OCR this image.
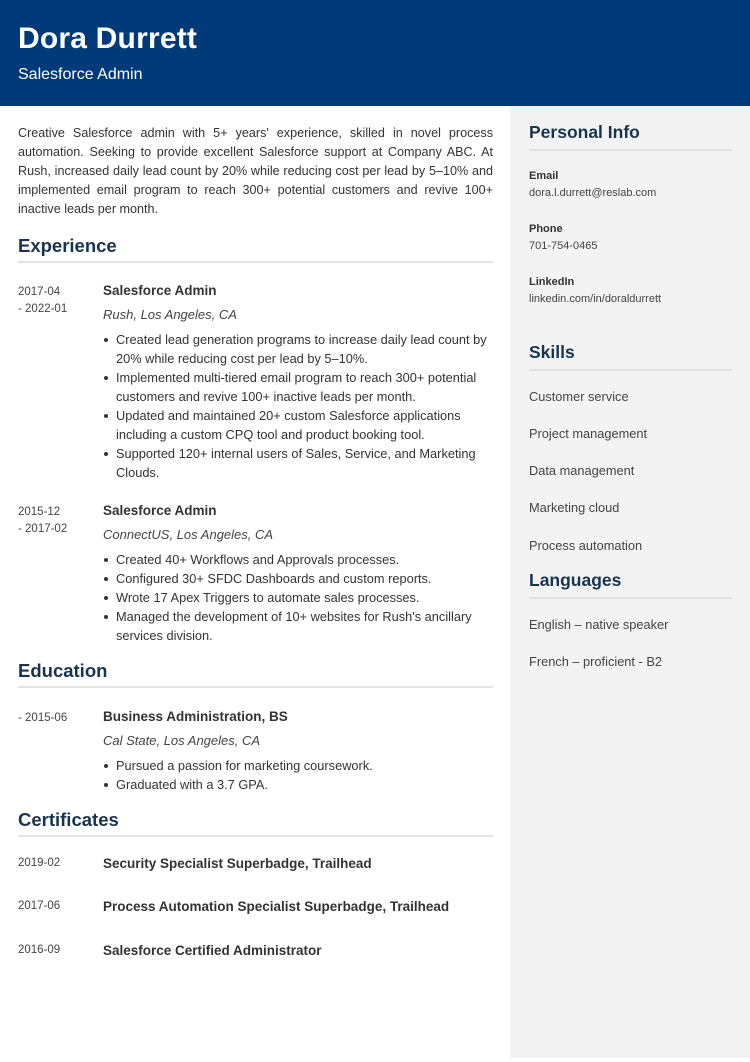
Dora Durrett
Salesforce Admin
Personal Info
Email
dora.l.durrett@reslab.com
Phone
701-754-0465
LinkedIn
linkedin.com/in/doraldurrett
Skills
Customer service
Project management
Data management
Marketing cloud
Process automation
Languages
English – native speaker
French – proficient - B2

Creative Salesforce admin with 5+ years' experience, skilled in novel process automation. Seeking to provide excellent Salesforce support at Company ABC. At Rush, increased daily lead count by 20% while reducing cost per lead by 5–10% and implemented email program to reach 300+ potential customers and revive 100+ inactive leads per month.

Experience
2017-04
- 2022-01
Salesforce Admin
Rush, Los Angeles, CA
Created lead generation programs to increase daily lead count by 20% while reducing cost per lead by 5–10%.
Implemented multi-tiered email program to reach 300+ potential customers and revive 100+ inactive leads per month.
Updated and maintained 20+ custom Salesforce applications including a custom CPQ tool and product booking tool.
Supported 120+ internal users of Sales, Service, and Marketing Clouds.
2015-12
- 2017-02
Salesforce Admin
ConnectUS, Los Angeles, CA
Created 40+ Workflows and Approvals processes.
Configured 30+ SFDC Dashboards and custom reports.
Wrote 17 Apex Triggers to automate sales processes.
Managed the development of 10+ websites for Rush's ancillary services division.
Education
- 2015-06	Business Administration, BS
Cal State, Los Angeles, CA
Pursued a passion for marketing coursework.
Graduated with a 3.7 GPA.
Certificates
2019-02	Security Specialist Superbadge, Trailhead
2017-06	Process Automation Specialist Superbadge, Trailhead
2016-09	Salesforce Certified Administrator
